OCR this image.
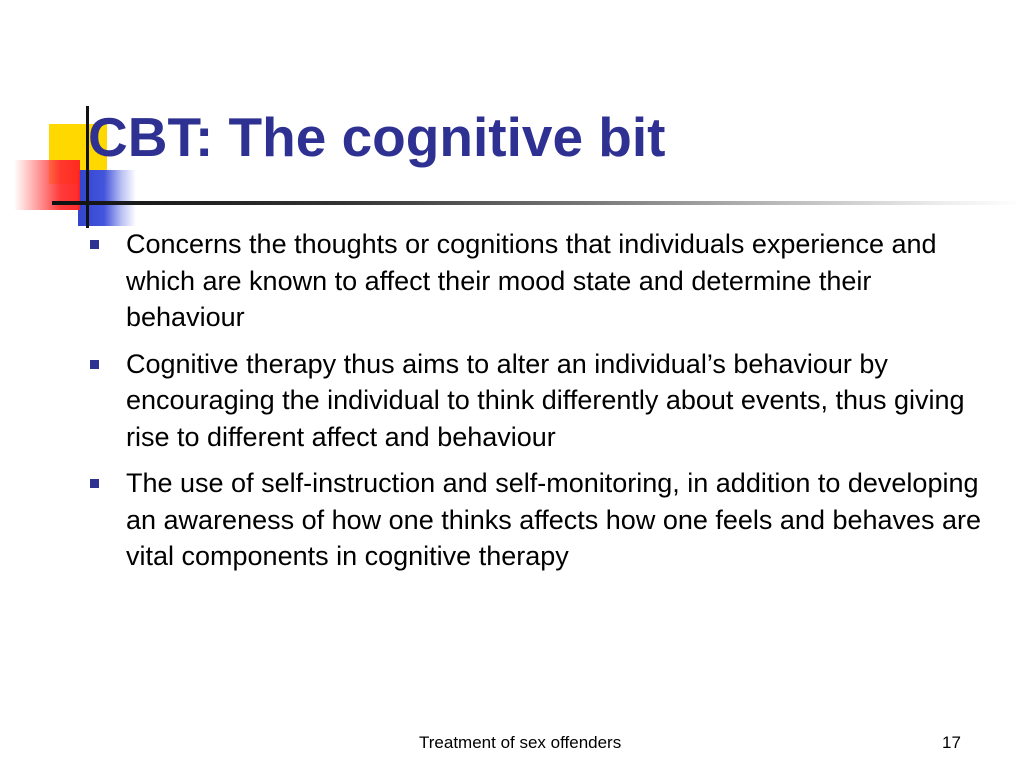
CBT: The cognitive bit
Concerns the thoughts or cognitions that individuals experience and which are known to affect their mood state and determine their behaviour
Cognitive therapy thus aims to alter an individual’s behaviour by encouraging the individual to think differently about events, thus giving rise to different affect and behaviour
The use of self-instruction and self-monitoring, in addition to developing an awareness of how one thinks affects how one feels and behaves are vital components in cognitive therapy
Treatment of sex offenders	17
